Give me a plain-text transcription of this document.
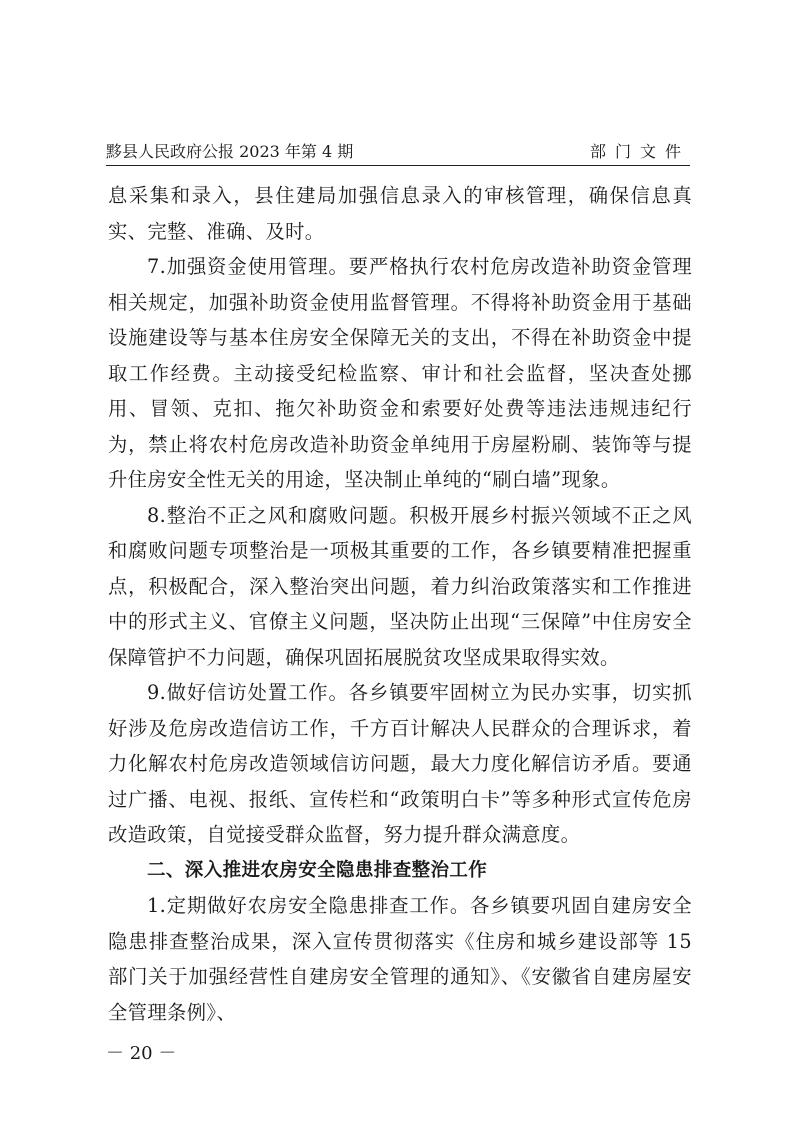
黟县人民政府公报 2023 年第 4 期	部门文件

息采集和录入，县住建局加强信息录入的审核管理，确保信息真实、完整、准确、及时。

7.加强资金使用管理。要严格执行农村危房改造补助资金管理相关规定，加强补助资金使用监督管理。不得将补助资金用于基础设施建设等与基本住房安全保障无关的支出，不得在补助资金中提取工作经费。主动接受纪检监察、审计和社会监督，坚决查处挪用、冒领、克扣、拖欠补助资金和索要好处费等违法违规违纪行为，禁止将农村危房改造补助资金单纯用于房屋粉刷、装饰等与提升住房安全性无关的用途，坚决制止单纯的“刷白墙”现象。

8.整治不正之风和腐败问题。积极开展乡村振兴领域不正之风和腐败问题专项整治是一项极其重要的工作，各乡镇要精准把握重点，积极配合，深入整治突出问题，着力纠治政策落实和工作推进中的形式主义、官僚主义问题，坚决防止出现“三保障”中住房安全保障管护不力问题，确保巩固拓展脱贫攻坚成果取得实效。

9.做好信访处置工作。各乡镇要牢固树立为民办实事，切实抓好涉及危房改造信访工作，千方百计解决人民群众的合理诉求，着力化解农村危房改造领域信访问题，最大力度化解信访矛盾。要通过广播、电视、报纸、宣传栏和“政策明白卡”等多种形式宣传危房改造政策，自觉接受群众监督，努力提升群众满意度。

二、深入推进农房安全隐患排查整治工作

1.定期做好农房安全隐患排查工作。各乡镇要巩固自建房安全隐患排查整治成果，深入宣传贯彻落实《住房和城乡建设部等 15 部门关于加强经营性自建房安全管理的通知》、《安徽省自建房屋安全管理条例》、

－ 20 －
